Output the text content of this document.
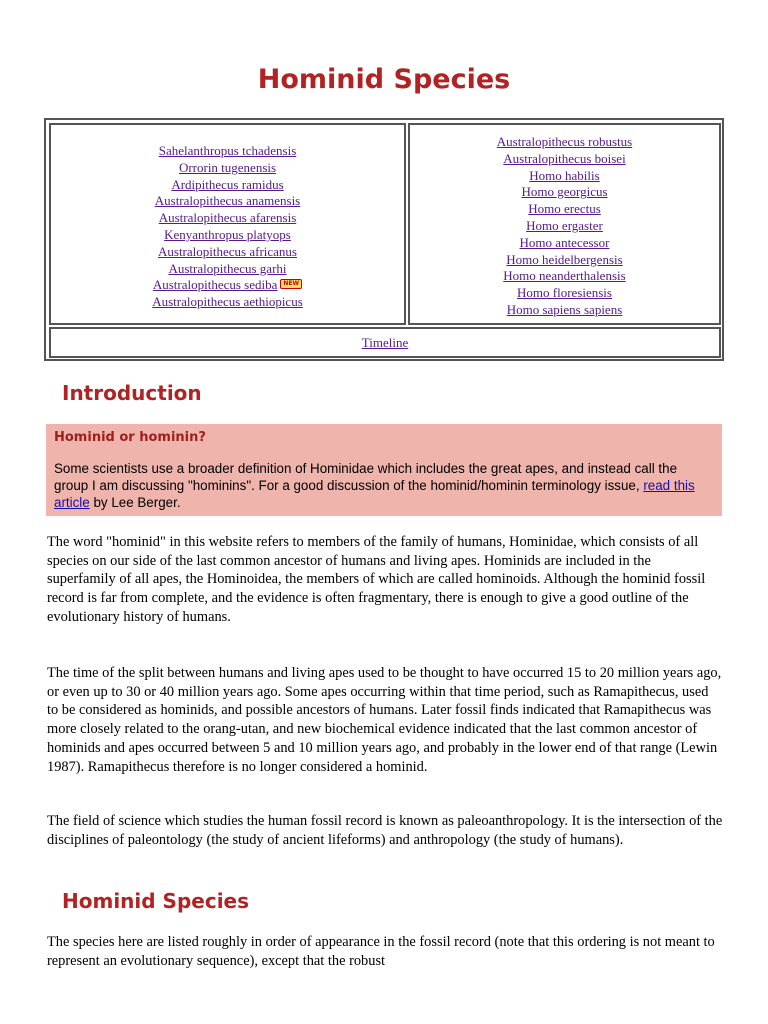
Hominid Species
Sahelanthropus tchadensis
Orrorin tugenensis
Ardipithecus ramidus
Australopithecus anamensis
Australopithecus afarensis
Kenyanthropus platyops
Australopithecus africanus
Australopithecus garhi
Australopithecus sediba NEW
Australopithecus aethiopicus
Australopithecus robustus
Australopithecus boisei
Homo habilis
Homo georgicus
Homo erectus
Homo ergaster
Homo antecessor
Homo heidelbergensis
Homo neanderthalensis
Homo floresiensis
Homo sapiens sapiens
Timeline
Introduction

Hominid or hominin?

Some scientists use a broader definition of Hominidae which includes the great apes, and instead call the group I am discussing "hominins". For a good discussion of the hominid/hominin terminology issue, read this article by Lee Berger.

The word "hominid" in this website refers to members of the family of humans, Hominidae, which consists of all species on our side of the last common ancestor of humans and living apes. Hominids are included in the superfamily of all apes, the Hominoidea, the members of which are called hominoids. Although the hominid fossil record is far from complete, and the evidence is often fragmentary, there is enough to give a good outline of the evolutionary history of humans.

The time of the split between humans and living apes used to be thought to have occurred 15 to 20 million years ago, or even up to 30 or 40 million years ago. Some apes occurring within that time period, such as Ramapithecus, used to be considered as hominids, and possible ancestors of humans. Later fossil finds indicated that Ramapithecus was more closely related to the orang-utan, and new biochemical evidence indicated that the last common ancestor of hominids and apes occurred between 5 and 10 million years ago, and probably in the lower end of that range (Lewin 1987). Ramapithecus therefore is no longer considered a hominid.

The field of science which studies the human fossil record is known as paleoanthropology. It is the intersection of the disciplines of paleontology (the study of ancient lifeforms) and anthropology (the study of humans).

Hominid Species

The species here are listed roughly in order of appearance in the fossil record (note that this ordering is not meant to represent an evolutionary sequence), except that the robust
